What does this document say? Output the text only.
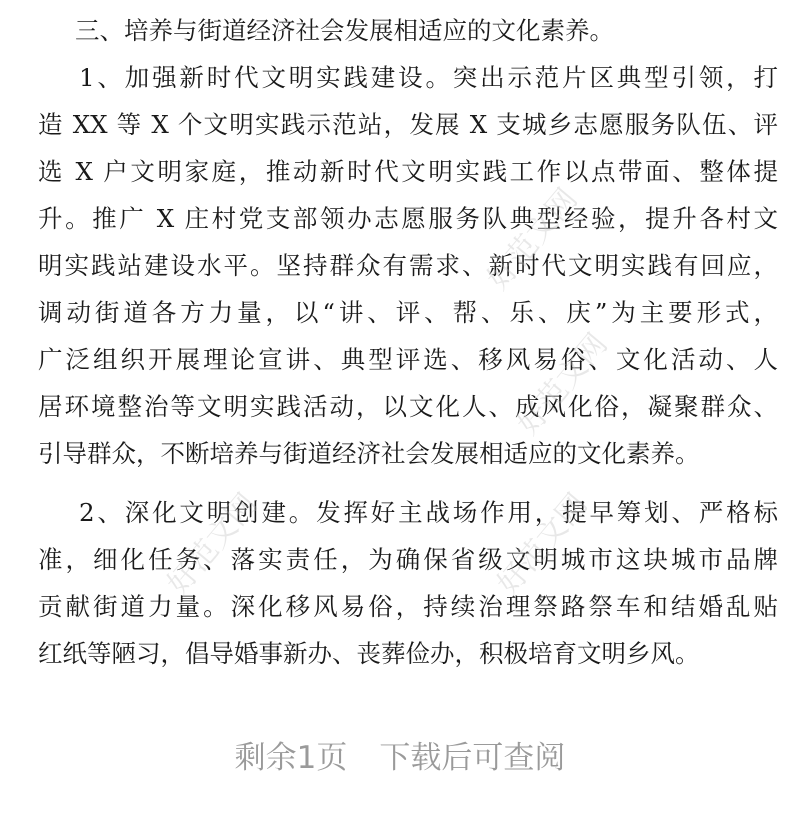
三、培养与街道经济社会发展相适应的文化素养。
1、加强新时代文明实践建设。突出示范片区典型引领，打
造 XX 等 X 个文明实践示范站，发展 X 支城乡志愿服务队伍、评
选 X 户文明家庭，推动新时代文明实践工作以点带面、整体提
升。推广 X 庄村党支部领办志愿服务队典型经验，提升各村文
明实践站建设水平。坚持群众有需求、新时代文明实践有回应，
调动街道各方力量，以“讲、评、帮、乐、庆”为主要形式，
广泛组织开展理论宣讲、典型评选、移风易俗、文化活动、人
居环境整治等文明实践活动，以文化人、成风化俗，凝聚群众、
引导群众，不断培养与街道经济社会发展相适应的文化素养。
2、深化文明创建。发挥好主战场作用，提早筹划、严格标
准，细化任务、落实责任，为确保省级文明城市这块城市品牌
贡献街道力量。深化移风易俗，持续治理祭路祭车和结婚乱贴
红纸等陋习，倡导婚事新办、丧葬俭办，积极培育文明乡风。
好范文网
好范文网	好范文网
好范文网
剩余1页 下载后可查阅
